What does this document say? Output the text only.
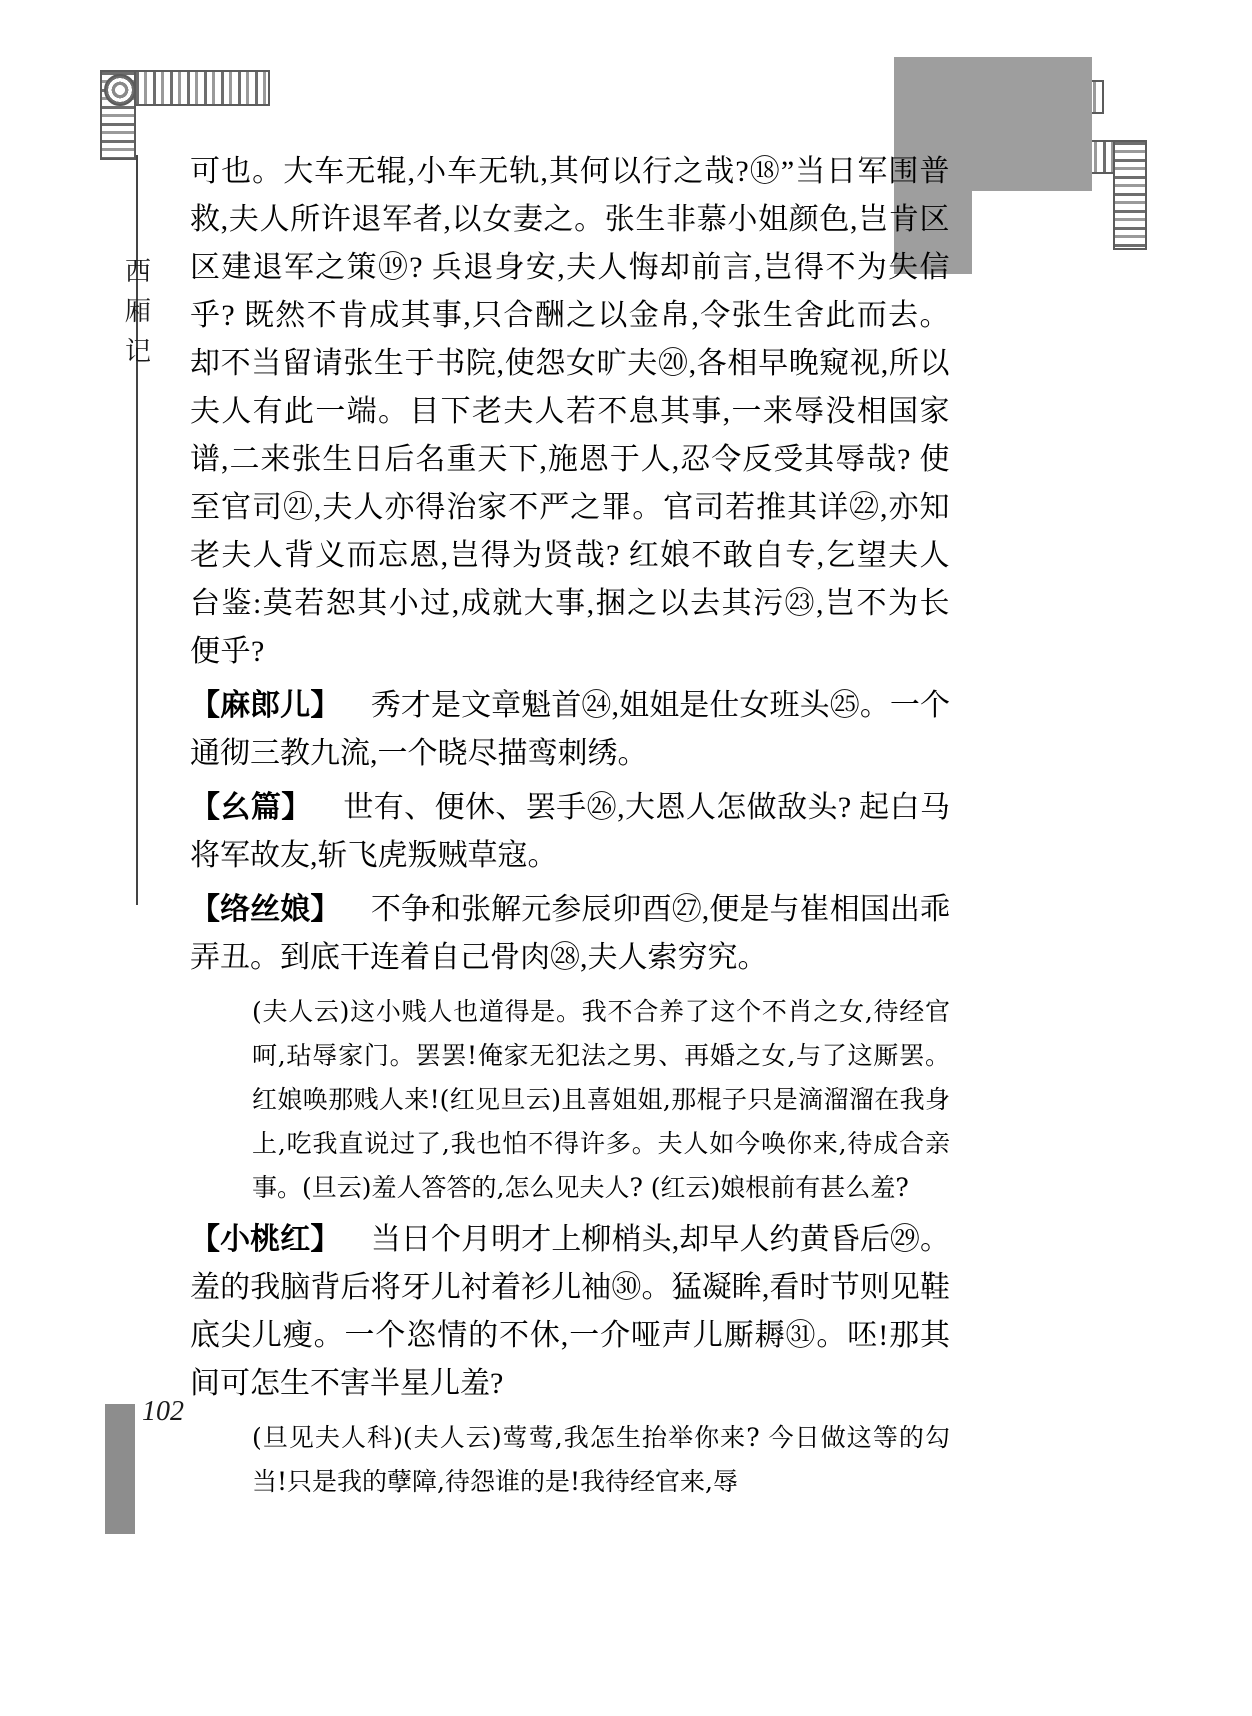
西
厢
记

可也。大车无辊,小车无轨,其何以行之哉?⑱”当日军围普救,夫人所许退军者,以女妻之。张生非慕小姐颜色,岂肯区区建退军之策⑲? 兵退身安,夫人悔却前言,岂得不为失信乎? 既然不肯成其事,只合酬之以金帛,令张生舍此而去。却不当留请张生于书院,使怨女旷夫⑳,各相早晚窥视,所以夫人有此一端。目下老夫人若不息其事,一来辱没相国家谱,二来张生日后名重天下,施恩于人,忍令反受其辱哉? 使至官司㉑,夫人亦得治家不严之罪。官司若推其详㉒,亦知老夫人背义而忘恩,岂得为贤哉? 红娘不敢自专,乞望夫人台鉴:莫若恕其小过,成就大事,捆之以去其污㉓,岂不为长便乎?

【麻郎儿】 秀才是文章魁首㉔,姐姐是仕女班头㉕。一个通彻三教九流,一个晓尽描鸾刺绣。

【幺篇】 世有、便休、罢手㉖,大恩人怎做敌头? 起白马将军故友,斩飞虎叛贼草寇。

【络丝娘】 不争和张解元参辰卯酉㉗,便是与崔相国出乖弄丑。到底干连着自己骨肉㉘,夫人索穷究。

(夫人云)这小贱人也道得是。我不合养了这个不肖之女,待经官呵,玷辱家门。罢罢!俺家无犯法之男、再婚之女,与了这厮罢。红娘唤那贱人来!(红见旦云)且喜姐姐,那棍子只是滴溜溜在我身上,吃我直说过了,我也怕不得许多。夫人如今唤你来,待成合亲事。(旦云)羞人答答的,怎么见夫人? (红云)娘根前有甚么羞?

【小桃红】 当日个月明才上柳梢头,却早人约黄昏后㉙。羞的我脑背后将牙儿衬着衫儿袖㉚。猛凝眸,看时节则见鞋底尖儿瘦。一个恣情的不休,一介哑声儿厮耨㉛。呸!那其间可怎生不害半星儿羞?

(旦见夫人科)(夫人云)莺莺,我怎生抬举你来? 今日做这等的勾当!只是我的孽障,待怨谁的是!我待经官来,辱

102
